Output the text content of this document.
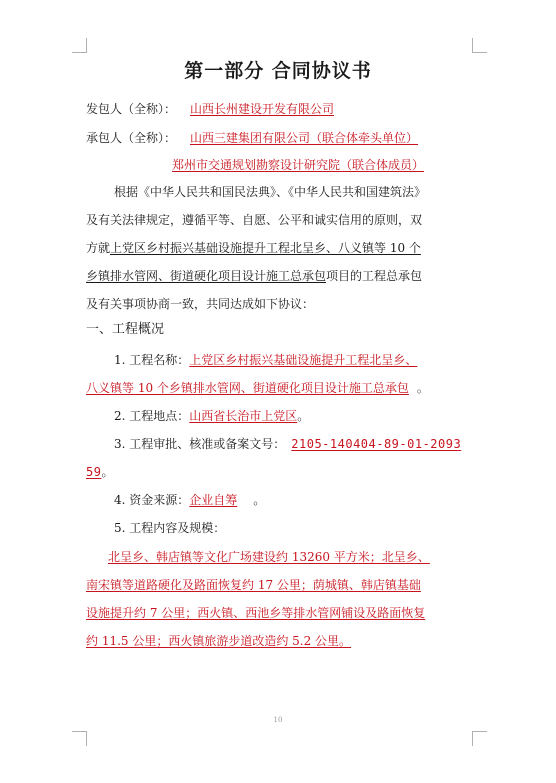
第一部分 合同协议书
发包人（全称）： 山西长州建设开发有限公司
承包人（全称）： 山西三建集团有限公司（联合体牵头单位）
郑州市交通规划勘察设计研究院（联合体成员）
根据《中华人民共和国民法典》、《中华人民共和国建筑法》
及有关法律规定，遵循平等、自愿、公平和诚实信用的原则，双
方就上党区乡村振兴基础设施提升工程北呈乡、八义镇等 10 个
乡镇排水管网、街道硬化项目设计施工总承包项目的工程总承包
及有关事项协商一致，共同达成如下协议：
一、工程概况
1. 工程名称：上党区乡村振兴基础设施提升工程北呈乡、
八义镇等 10 个乡镇排水管网、街道硬化项目设计施工总承包 。
2. 工程地点：山西省长治市上党区。
3. 工程审批、核准或备案文号： 2105-140404-89-01-2093
59。
4. 资金来源：企业自筹 。
5. 工程内容及规模：
北呈乡、韩店镇等文化广场建设约 13260 平方米；北呈乡、
南宋镇等道路硬化及路面恢复约 17 公里；荫城镇、韩店镇基础
设施提升约 7 公里；西火镇、西池乡等排水管网铺设及路面恢复
约 11.5 公里；西火镇旅游步道改造约 5.2 公里。
10
